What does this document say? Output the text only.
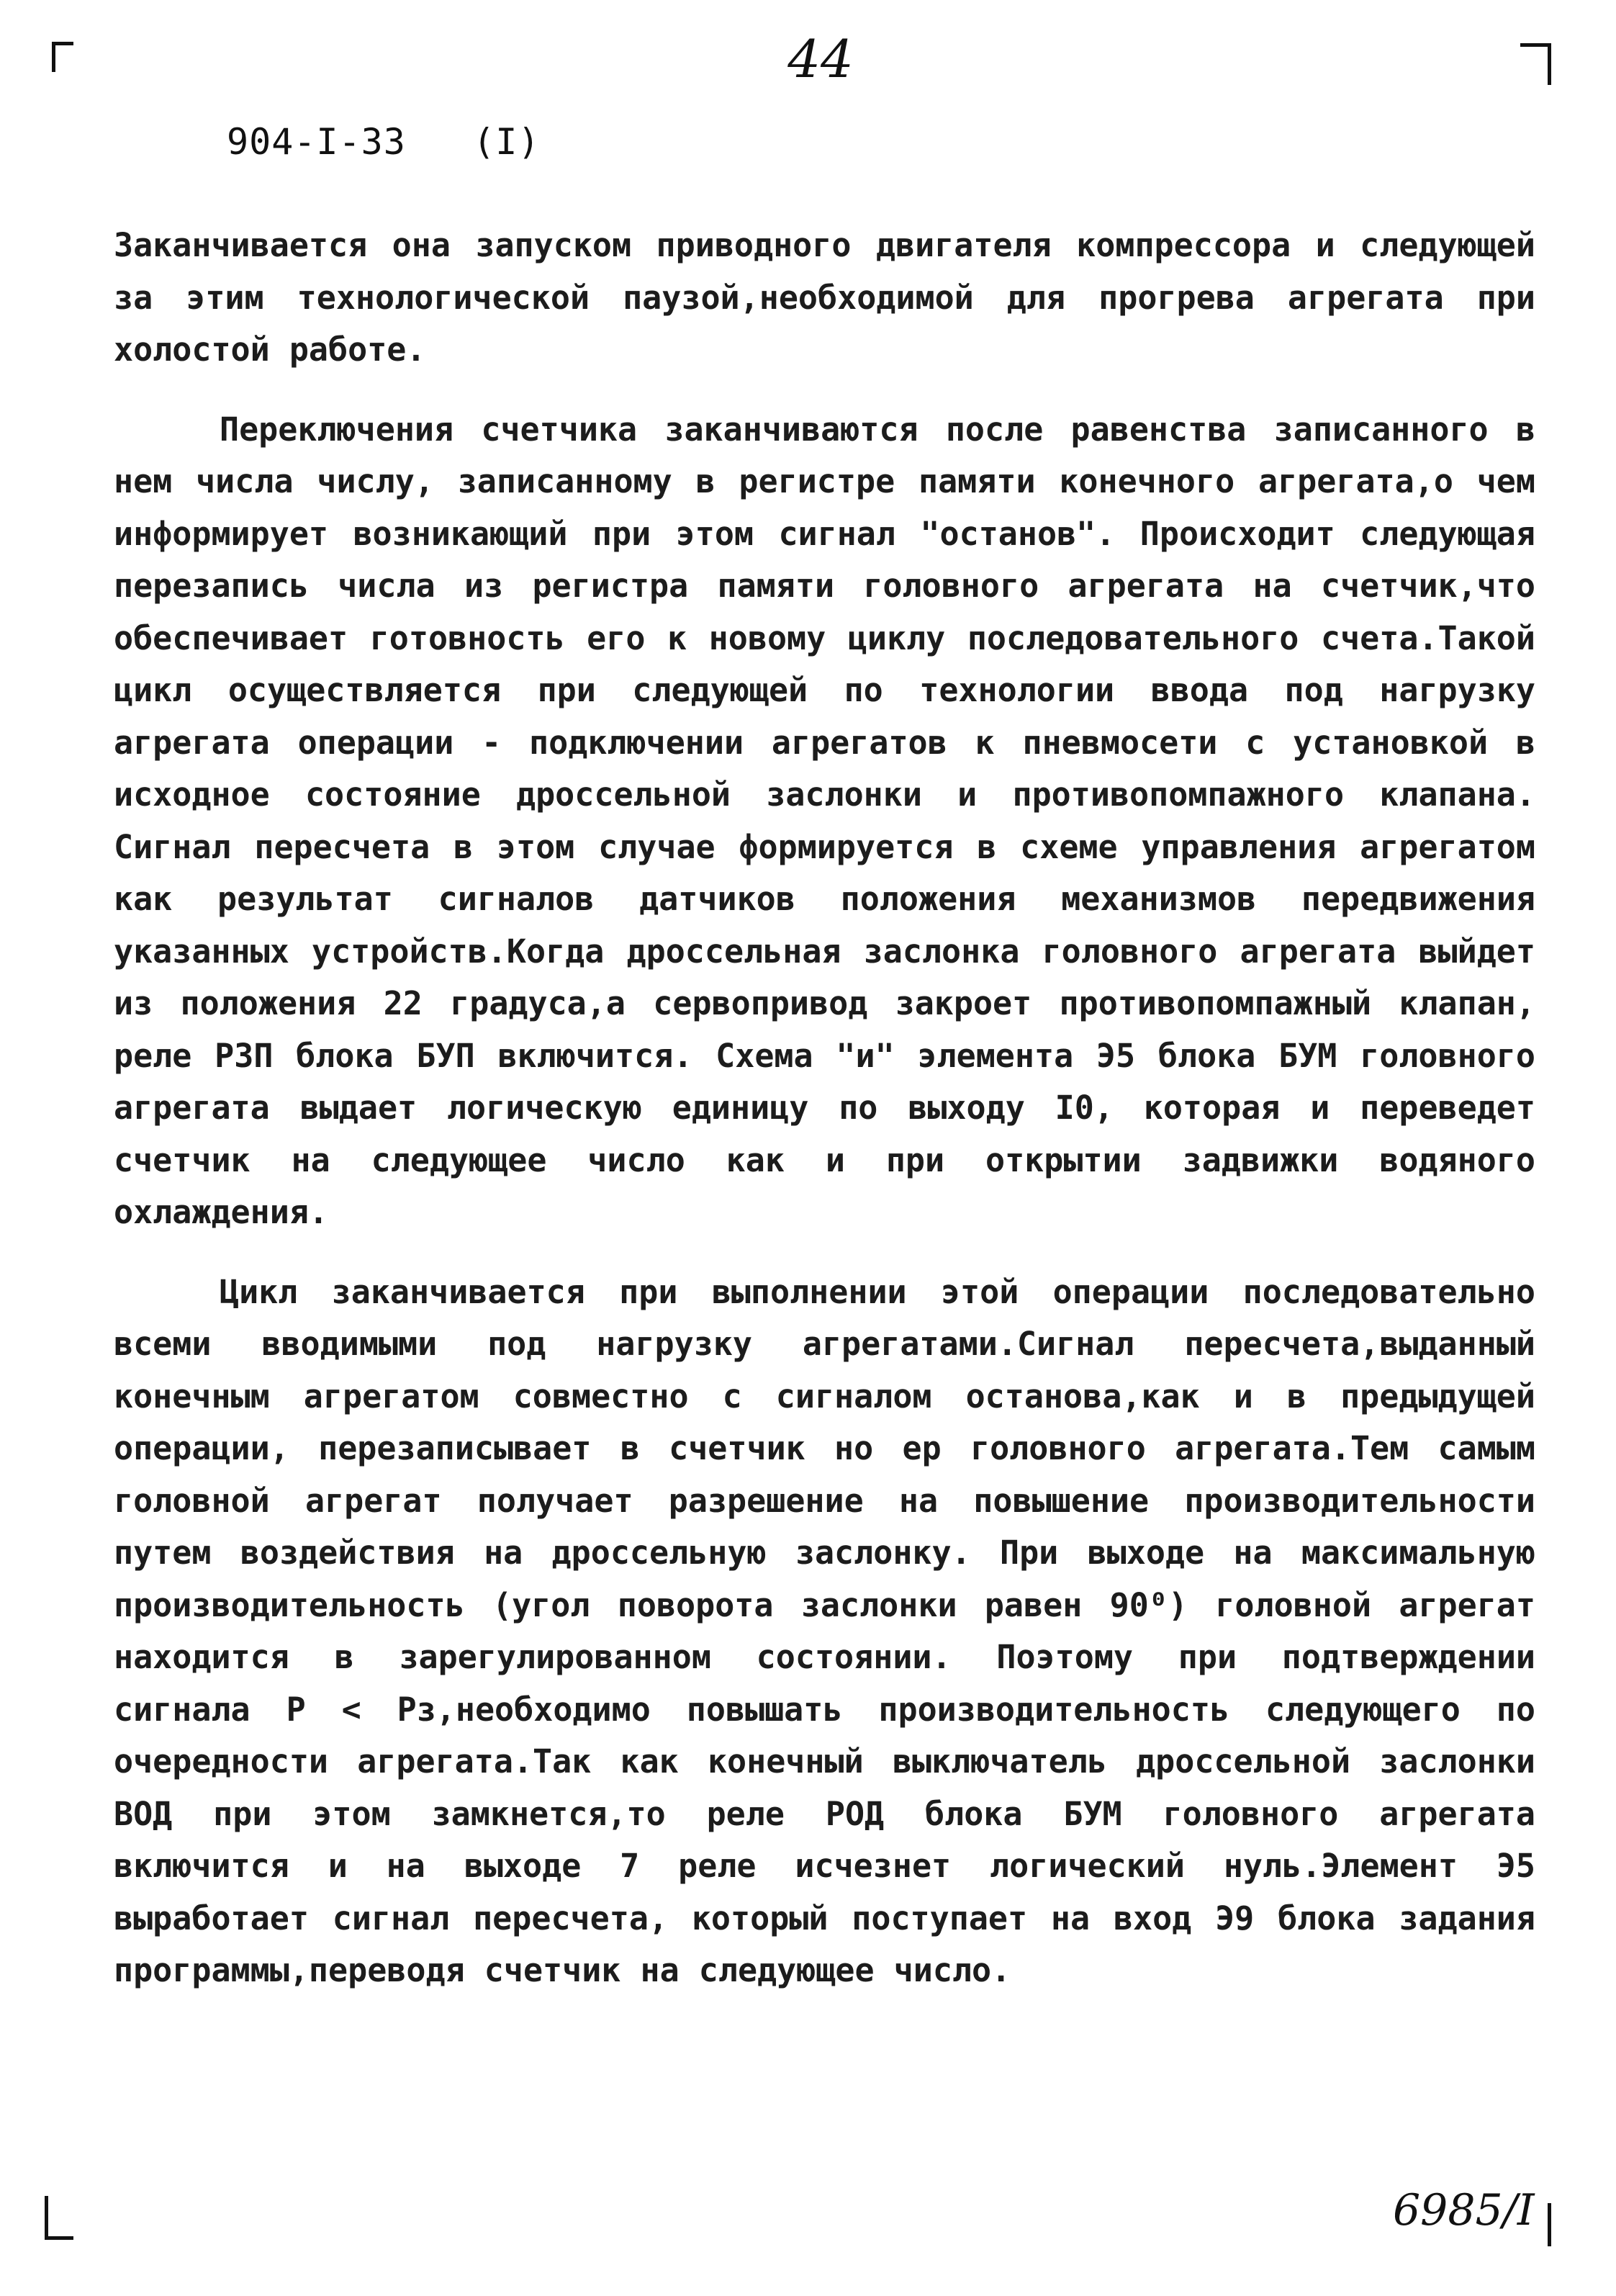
44
904-I-33   (I)

Заканчивается она запуском приводного двигателя компрессора и следующей за этим технологической паузой,необходимой для прогрева агрегата при холостой работе.

Переключения счетчика заканчиваются после равенства записанного в нем числа числу, записанному в регистре памяти конечного агрегата,о чем информирует возникающий при этом сигнал "останов". Происходит следующая перезапись числа из регистра памяти головного агрегата на счетчик,что обеспечивает готовность его к новому циклу последовательного счета.Такой цикл осуществляется при следующей по технологии ввода под нагрузку агрегата операции - подключении агрегатов к пневмосети с установкой в исходное состояние дроссельной заслонки и противопомпажного клапана. Сигнал пересчета в этом случае формируется в схеме управления агрегатом как результат сигналов датчиков положения механизмов передвижения указанных устройств.Когда дроссельная заслонка головного агрегата выйдет из положения 22 градуса,а сервопривод закроет противопомпажный клапан, реле РЗП блока БУП включится. Схема "и" элемента Э5 блока БУМ головного агрегата выдает логическую единицу по выходу I0, которая и переведет счетчик на следующее число как и при открытии задвижки водяного охлаждения.

Цикл заканчивается при выполнении этой операции последовательно всеми вводимыми под нагрузку агрегатами.Сигнал пересчета,выданный конечным агрегатом совместно с сигналом останова,как и в предыдущей операции, перезаписывает в счетчик но ер головного агрегата.Тем самым головной агрегат получает разрешение на повышение производительности путем воздействия на дроссельную заслонку. При выходе на максимальную производительность (угол поворота заслонки равен 90⁰) головной агрегат находится в зарегулированном состоянии. Поэтому при подтверждении сигнала Р < Рз,необходимо повышать производительность следующего по очередности агрегата.Так как конечный выключатель дроссельной заслонки ВОД при этом замкнется,то реле РОД блока БУМ головного агрегата включится и на выходе 7 реле исчезнет логический нуль.Элемент Э5 выработает сигнал пересчета, который поступает на вход Э9 блока задания программы,переводя счетчик на следующее число.

6985/I
